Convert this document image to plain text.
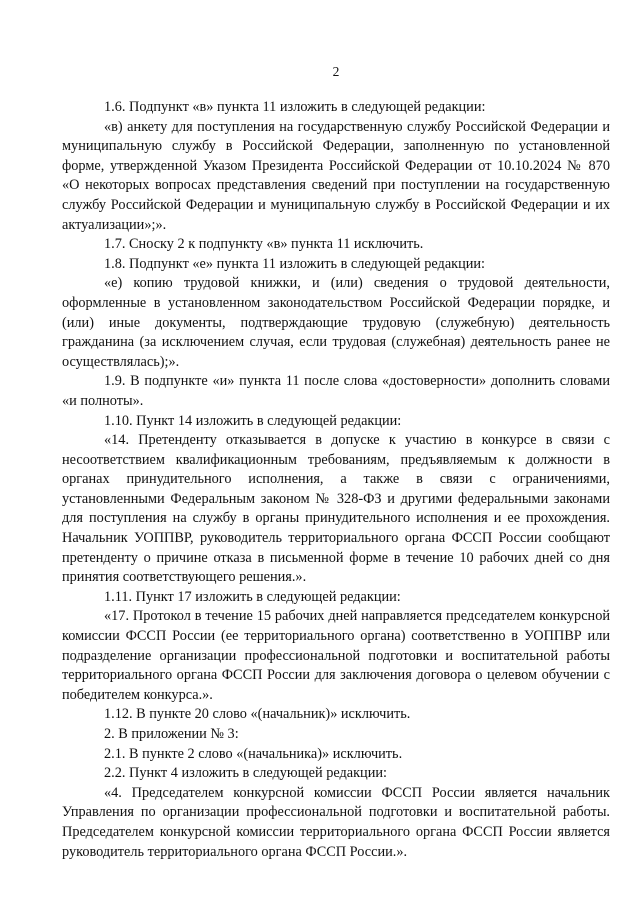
2

1.6. Подпункт «в» пункта 11 изложить в следующей редакции:

«в) анкету для поступления на государственную службу Российской Федерации и муниципальную службу в Российской Федерации, заполненную по установленной форме, утвержденной Указом Президента Российской Федерации от 10.10.2024 № 870 «О некоторых вопросах представления сведений при поступлении на государственную службу Российской Федерации и муниципальную службу в Российской Федерации и их актуализации»;».

1.7. Сноску 2 к подпункту «в» пункта 11 исключить.

1.8. Подпункт «е» пункта 11 изложить в следующей редакции:

«е) копию трудовой книжки, и (или) сведения о трудовой деятельности, оформленные в установленном законодательством Российской Федерации порядке, и (или) иные документы, подтверждающие трудовую (служебную) деятельность гражданина (за исключением случая, если трудовая (служебная) деятельность ранее не осуществлялась);».

1.9. В подпункте «и» пункта 11 после слова «достоверности» дополнить словами «и полноты».

1.10. Пункт 14 изложить в следующей редакции:

«14. Претенденту отказывается в допуске к участию в конкурсе в связи с несоответствием квалификационным требованиям, предъявляемым к должности в органах принудительного исполнения, а также в связи с ограничениями, установленными Федеральным законом № 328-ФЗ и другими федеральными законами для поступления на службу в органы принудительного исполнения и ее прохождения. Начальник УОППВР, руководитель территориального органа ФССП России сообщают претенденту о причине отказа в письменной форме в течение 10 рабочих дней со дня принятия соответствующего решения.».

1.11. Пункт 17 изложить в следующей редакции:

«17. Протокол в течение 15 рабочих дней направляется председателем конкурсной комиссии ФССП России (ее территориального органа) соответственно в УОППВР или подразделение организации профессиональной подготовки и воспитательной работы территориального органа ФССП России для заключения договора о целевом обучении с победителем конкурса.».

1.12. В пункте 20 слово «(начальник)» исключить.

2. В приложении № 3:

2.1. В пункте 2 слово «(начальника)» исключить.

2.2. Пункт 4 изложить в следующей редакции:

«4. Председателем конкурсной комиссии ФССП России является начальник Управления по организации профессиональной подготовки и воспитательной работы. Председателем конкурсной комиссии территориального органа ФССП России является руководитель территориального органа ФССП России.».
